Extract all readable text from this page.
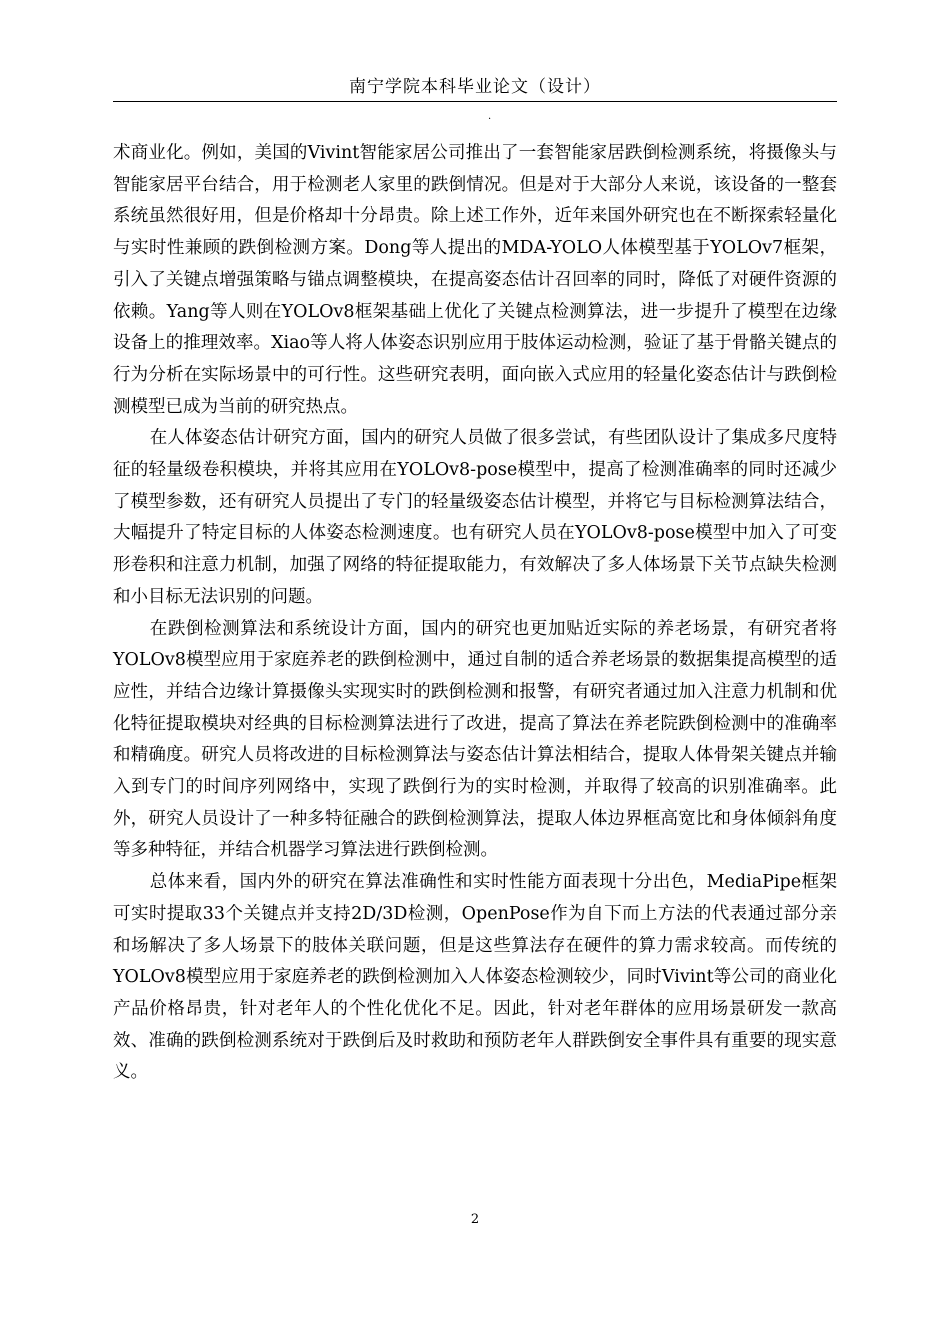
南宁学院本科毕业论文（设计）
.

术商业化。例如，美国的Vivint智能家居公司推出了一套智能家居跌倒检测系统，将摄像头与智能家居平台结合，用于检测老人家里的跌倒情况。但是对于大部分人来说，该设备的一整套系统虽然很好用，但是价格却十分昂贵。除上述工作外，近年来国外研究也在不断探索轻量化与实时性兼顾的跌倒检测方案。Dong等人提出的MDA-YOLO人体模型基于YOLOv7框架，引入了关键点增强策略与锚点调整模块，在提高姿态估计召回率的同时，降低了对硬件资源的依赖。Yang等人则在YOLOv8框架基础上优化了关键点检测算法，进一步提升了模型在边缘设备上的推理效率。Xiao等人将人体姿态识别应用于肢体运动检测，验证了基于骨骼关键点的行为分析在实际场景中的可行性。这些研究表明，面向嵌入式应用的轻量化姿态估计与跌倒检测模型已成为当前的研究热点。

在人体姿态估计研究方面，国内的研究人员做了很多尝试，有些团队设计了集成多尺度特征的轻量级卷积模块，并将其应用在YOLOv8-pose模型中，提高了检测准确率的同时还减少了模型参数，还有研究人员提出了专门的轻量级姿态估计模型，并将它与目标检测算法结合，大幅提升了特定目标的人体姿态检测速度。也有研究人员在YOLOv8-pose模型中加入了可变形卷积和注意力机制，加强了网络的特征提取能力，有效解决了多人体场景下关节点缺失检测和小目标无法识别的问题。

在跌倒检测算法和系统设计方面，国内的研究也更加贴近实际的养老场景，有研究者将YOLOv8模型应用于家庭养老的跌倒检测中，通过自制的适合养老场景的数据集提高模型的适应性，并结合边缘计算摄像头实现实时的跌倒检测和报警，有研究者通过加入注意力机制和优化特征提取模块对经典的目标检测算法进行了改进，提高了算法在养老院跌倒检测中的准确率和精确度。研究人员将改进的目标检测算法与姿态估计算法相结合，提取人体骨架关键点并输入到专门的时间序列网络中，实现了跌倒行为的实时检测，并取得了较高的识别准确率。此外，研究人员设计了一种多特征融合的跌倒检测算法，提取人体边界框高宽比和身体倾斜角度等多种特征，并结合机器学习算法进行跌倒检测。

总体来看，国内外的研究在算法准确性和实时性能方面表现十分出色，MediaPipe框架可实时提取33个关键点并支持2D/3D检测，OpenPose作为自下而上方法的代表通过部分亲和场解决了多人场景下的肢体关联问题，但是这些算法存在硬件的算力需求较高。而传统的YOLOv8模型应用于家庭养老的跌倒检测加入人体姿态检测较少，同时Vivint等公司的商业化产品价格昂贵，针对老年人的个性化优化不足。因此，针对老年群体的应用场景研发一款高效、准确的跌倒检测系统对于跌倒后及时救助和预防老年人群跌倒安全事件具有重要的现实意义。

2
